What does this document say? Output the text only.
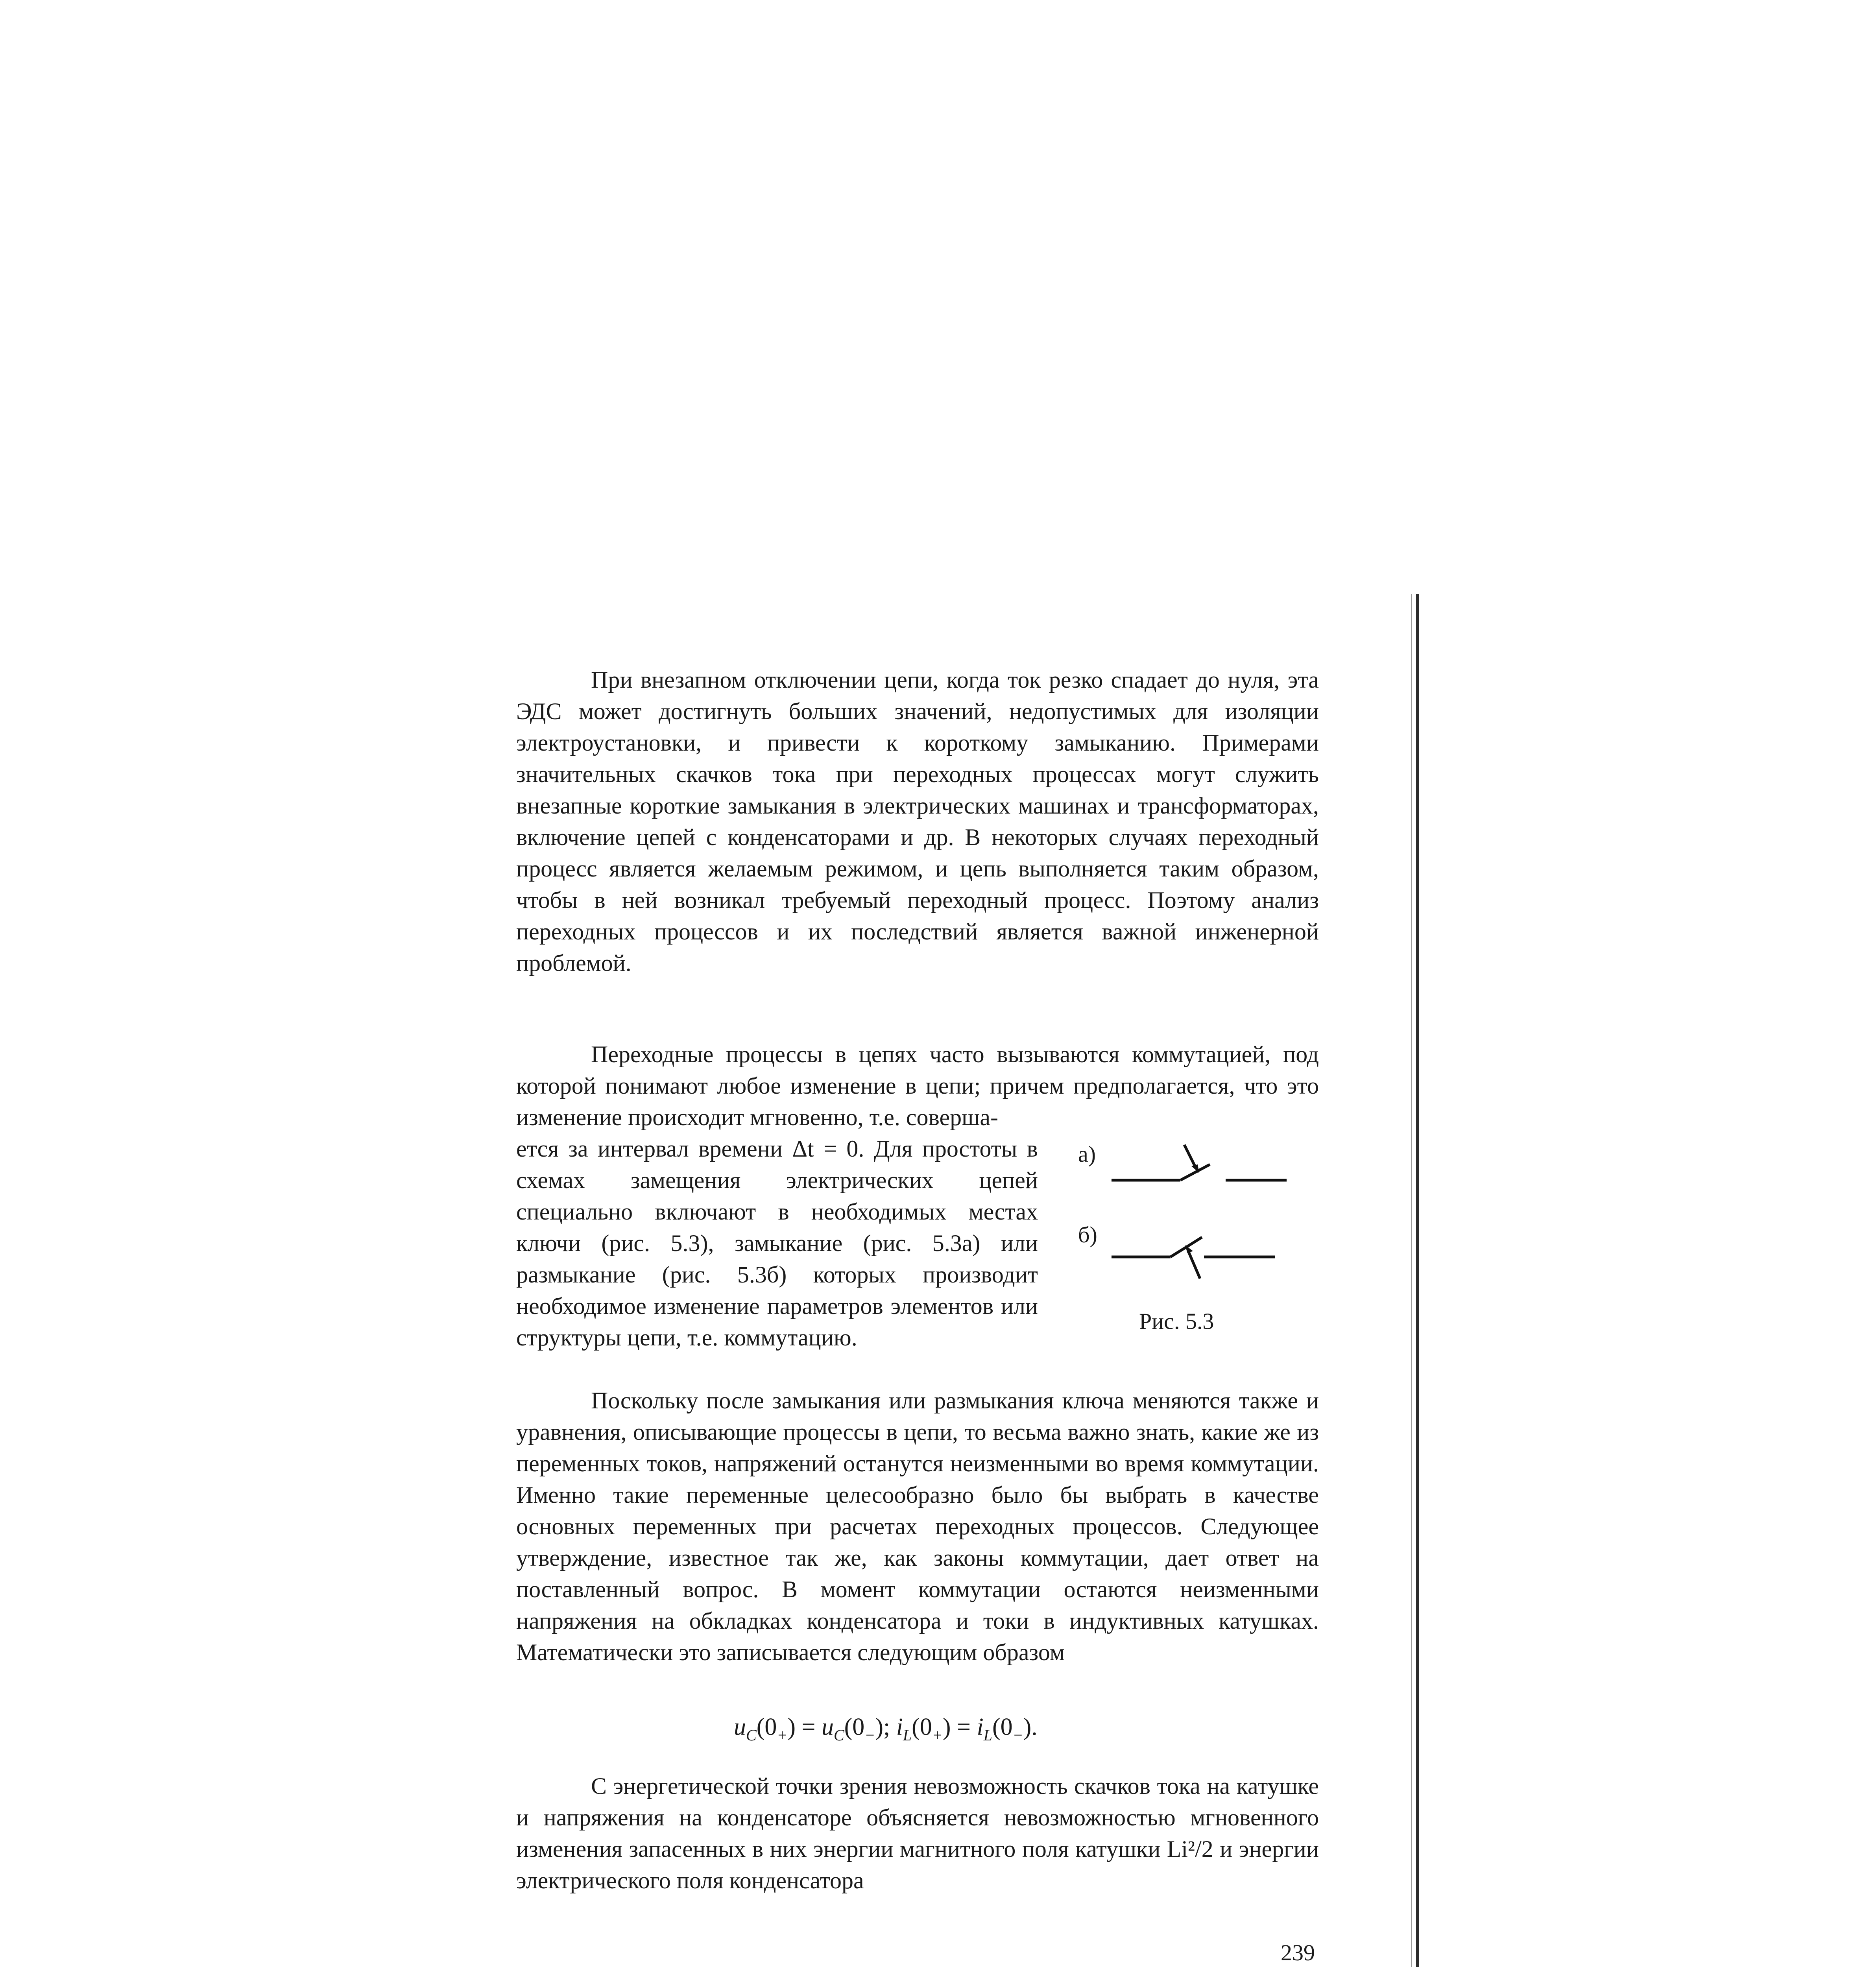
При внезапном отключении цепи, когда ток резко спадает до нуля, эта ЭДС может достигнуть больших значений, недопустимых для изоляции электроустановки, и привести к короткому замыканию. Примерами значительных скачков тока при переходных процессах могут служить внезапные короткие замыкания в электрических машинах и трансформаторах, включение цепей с конденсаторами и др. В некоторых случаях переходный процесс является желаемым режимом, и цепь выполняется таким образом, чтобы в ней возникал требуемый переходный процесс. Поэтому анализ переходных процессов и их последствий является важной инженерной проблемой.

Переходные процессы в цепях часто вызываются коммутацией, под которой понимают любое изменение в цепи; причем предполагается, что это изменение происходит мгновенно, т.е. соверша-

ется за интервал времени Δt = 0. Для простоты в схемах замещения электрических цепей специально включают в необходимых местах ключи (рис. 5.3), замыкание (рис. 5.3а) или размыкание (рис. 5.3б) которых производит необходимое изменение параметров элементов или структуры цепи, т.е. коммутацию.

а)
б)
Рис. 5.3

Поскольку после замыкания или размыкания ключа меняются также и уравнения, описывающие процессы в цепи, то весьма важно знать, какие же из переменных токов, напряжений останутся неизменными во время коммутации. Именно такие переменные целесообразно было бы выбрать в качестве основных переменных при расчетах переходных процессов. Следующее утверждение, известное так же, как законы коммутации, дает ответ на поставленный вопрос. В момент коммутации остаются неизменными напряжения на обкладках конденсатора и токи в индуктивных катушках. Математически это записывается следующим образом

$u_C(0_+) = u_C(0_-)$; $i_L(0_+) = i_L(0_-)$.

С энергетической точки зрения невозможность скачков тока на катушке и напряжения на конденсаторе объясняется невозможностью мгновенного изменения запасенных в них энергии магнитного поля катушки Li²/2 и энергии электрического поля конденсатора

239
